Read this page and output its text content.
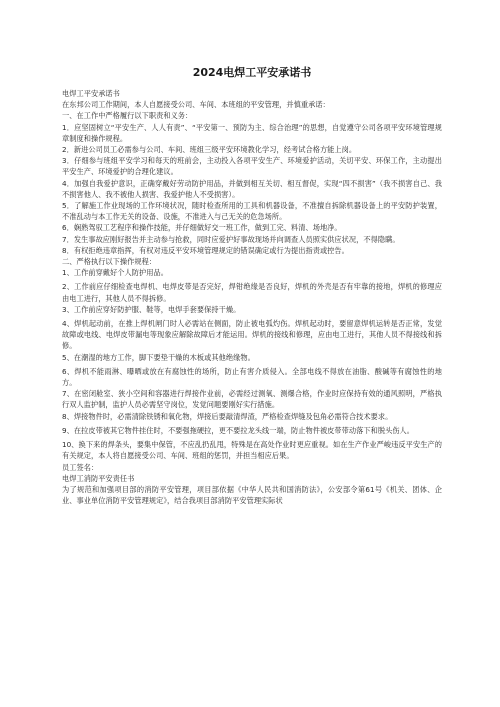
2024电焊工平安承诺书

电焊工平安承诺书

在东邦公司工作期间，本人自愿接受公司、车间、本班组的平安管理，并慎重承诺：

一、在工作中严格履行以下职责和义务：

1．应坚固树立“平安生产、人人有责”、“平安第一、预防为主、综合治理”的思想，自觉遵守公司各项平安环境管理规章制度和操作规程。

2．新进公司员工必需参与公司、车间、班组三级平安环境教化学习，经考试合格方能上岗。

3．仔细参与班组平安学习和每天的班前会，主动投入各项平安生产、环境爱护活动，关切平安、环保工作，主动提出平安生产、环境爱护的合理化建议。

4．加强自我爱护意识，正确穿戴好劳动防护用品，并做到相互关切、相互督促，实现“四不损害”（我不损害自己、我不损害他人、我不被他人损害、我爱护他人不受损害）。

5．了解施工作业现场的工作环境状况，随时检查所用的工具和机器设备，不准擅自拆除机器设备上的平安防护装置，不准乱动与本工作无关的设备、设施，不准进入与己无关的危急场所。

6．娴熟驾驭工艺程序和操作技能，并仔细做好交一班工作，做到工完、料清、场地净。

7．发生事故应刚好报告并主动参与抢救，同时应爱护好事故现场并向调查人员照实供应状况，不得隐瞒。

8．有权拒绝违章指挥，有权对违反平安环境管理规定的错误确定或行为提出指责或控告。

二、严格执行以下操作规程：

1、工作前穿戴好个人防护用品。

2、工作前应仔细检查电焊机、电焊皮带是否完好，焊钳绝缘是否良好，焊机的外壳是否有牢靠的接地，焊机的修理应由电工进行，其他人员不得拆修。

3、工作前应穿好防护服、鞋等，电焊手套要保持干燥。

4、焊机起动前，在推上焊机闸门时人必需站在侧面，防止被电弧灼伤。焊机起动时，要留意焊机运转是否正常，发觉故障或电线、电焊皮带漏电等现象应解除故障后才能运用。焊机的接线和修理，应由电工进行，其他人员不得接线和拆修。

5、在潮湿的地方工作，脚下要垫干燥的木板或其他绝缘物。

6、焊机不能雨淋、曝晒或放在有腐蚀性的场所，防止有害介质侵入。全部电线不得放在油脂、酸碱等有腐蚀性的地方。

7、在密闭舱室、狭小空间和容器进行焊接作业前，必需经过测氧、测爆合格，作业时应保持有效的通风照明，严格执行双人监护制，监护人员必需坚守岗位，发觉问题要刚好实行措施。

8、焊接物件时，必需清除铁锈和氧化物，焊接后要敲清焊渣，严格检查焊缝及包角必需符合技术要求。

9、在拉皮带被其它物件挂住时，不要强拖硬拉，更不要拉龙头线一端，防止物件被皮带带动落下和脱头伤人。

10、换下来的焊条头，要集中保管，不应乱扔乱甩，特殊是在高处作业时更应重视。如在生产作业严峻违反平安生产的有关规定，本人将自愿接受公司、车间、班组的惩罚，并担当相应后果。

员工签名：

电焊工消防平安责任书

为了规范和加强项目部的消防平安管理，项目部依据《中华人民共和国消防法》，公安部令第61号《机关、团体、企业、事业单位消防平安管理规定》，结合我项目部消防平安管理实际状
